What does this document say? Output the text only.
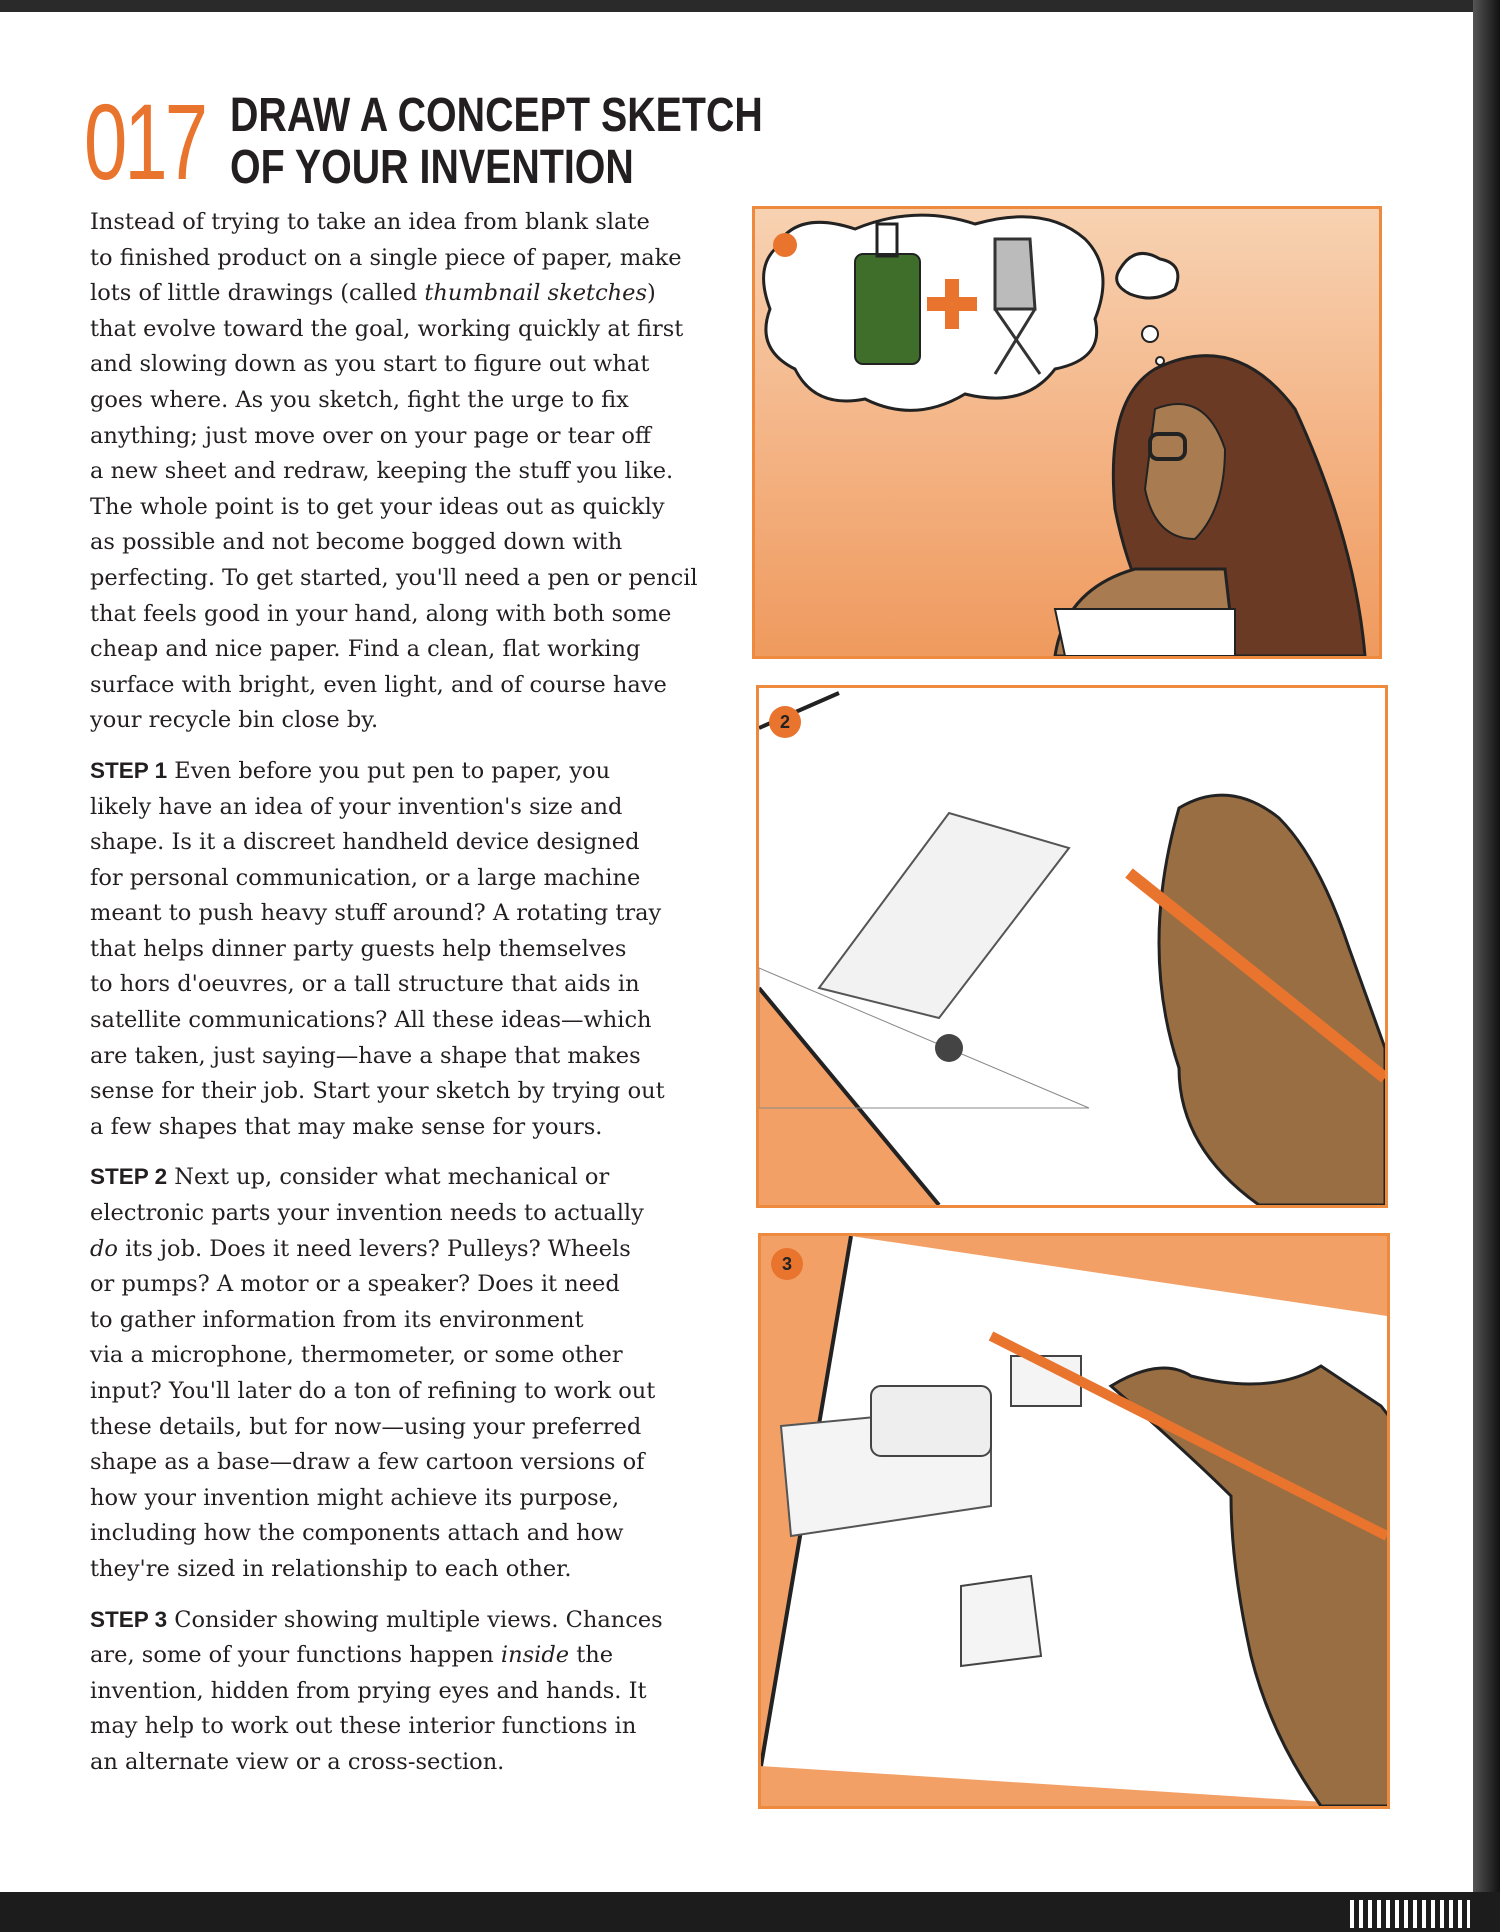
017 DRAW A CONCEPT SKETCH
OF YOUR INVENTION
Instead of trying to take an idea from blank slate
to finished product on a single piece of paper, make
lots of little drawings (called thumbnail sketches)
that evolve toward the goal, working quickly at first
and slowing down as you start to figure out what
goes where. As you sketch, fight the urge to fix
anything; just move over on your page or tear off
a new sheet and redraw, keeping the stuff you like.
The whole point is to get your ideas out as quickly
as possible and not become bogged down with
perfecting. To get started, you'll need a pen or pencil
that feels good in your hand, along with both some
cheap and nice paper. Find a clean, flat working
surface with bright, even light, and of course have
your recycle bin close by.
STEP 1 Even before you put pen to paper, you
likely have an idea of your invention's size and
shape. Is it a discreet handheld device designed
for personal communication, or a large machine
meant to push heavy stuff around? A rotating tray
that helps dinner party guests help themselves
to hors d'oeuvres, or a tall structure that aids in
satellite communications? All these ideas—which
are taken, just saying—have a shape that makes
sense for their job. Start your sketch by trying out
a few shapes that may make sense for yours.
STEP 2 Next up, consider what mechanical or
electronic parts your invention needs to actually
do its job. Does it need levers? Pulleys? Wheels
or pumps? A motor or a speaker? Does it need
to gather information from its environment
via a microphone, thermometer, or some other
input? You'll later do a ton of refining to work out
these details, but for now—using your preferred
shape as a base—draw a few cartoon versions of
how your invention might achieve its purpose,
including how the components attach and how
they're sized in relationship to each other.
STEP 3 Consider showing multiple views. Chances
are, some of your functions happen inside the
invention, hidden from prying eyes and hands. It
may help to work out these interior functions in
an alternate view or a cross-section.
2
3
